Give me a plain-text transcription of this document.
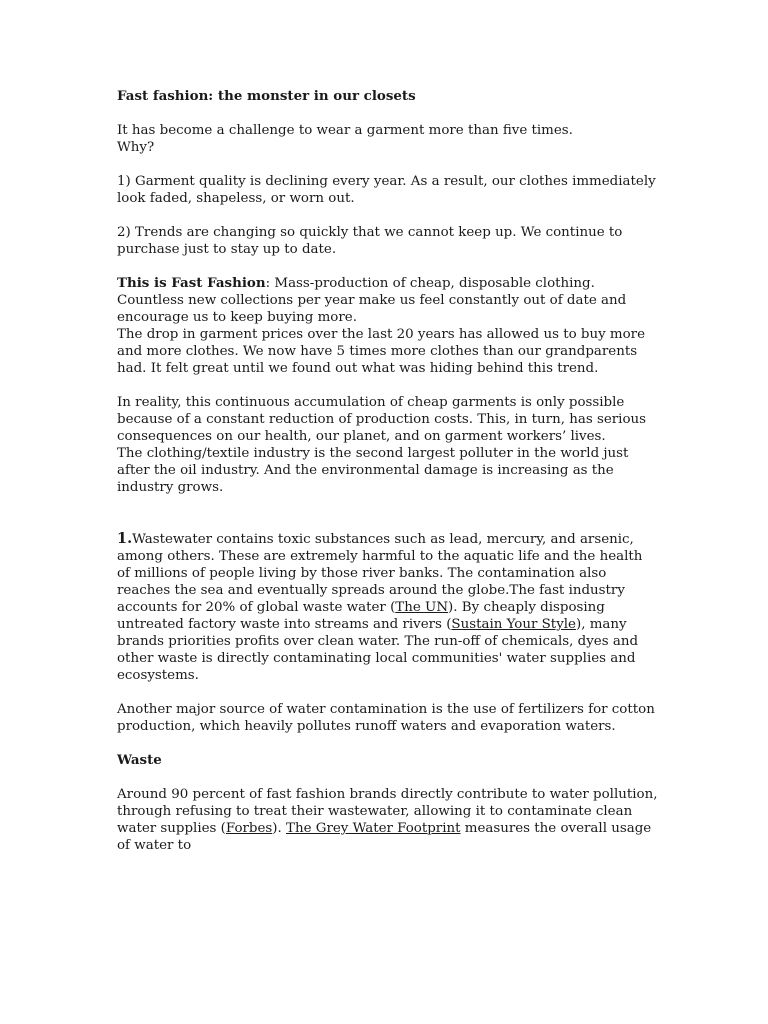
Fast fashion: the monster in our closets

It has become a challenge to wear a garment more than five times.
Why?

1) Garment quality is declining every year. As a result, our clothes immediately look faded, shapeless, or worn out.

2) Trends are changing so quickly that we cannot keep up. We continue to purchase just to stay up to date.

This is Fast Fashion: Mass-production of cheap, disposable clothing. Countless new collections per year make us feel constantly out of date and encourage us to keep buying more.

The drop in garment prices over the last 20 years has allowed us to buy more and more clothes. We now have 5 times more clothes than our grandparents had. It felt great until we found out what was hiding behind this trend.

In reality, this continuous accumulation of cheap garments is only possible because of a constant reduction of production costs. This, in turn, has serious consequences on our health, our planet, and on garment workers’ lives.

The clothing/textile industry is the second largest polluter in the world just after the oil industry. And the environmental damage is increasing as the industry grows.

1.Wastewater contains toxic substances such as lead, mercury, and arsenic, among others. These are extremely harmful to the aquatic life and the health of millions of people living by those river banks. The contamination also reaches the sea and eventually spreads around the globe.The fast industry accounts for 20% of global waste water (The UN). By cheaply disposing untreated factory waste into streams and rivers (Sustain Your Style), many brands priorities profits over clean water. The run-off of chemicals, dyes and other waste is directly contaminating local communities' water supplies and ecosystems.

Another major source of water contamination is the use of fertilizers for cotton production, which heavily pollutes runoff waters and evaporation waters.

Waste

Around 90 percent of fast fashion brands directly contribute to water pollution, through refusing to treat their wastewater, allowing it to contaminate clean water supplies (Forbes). The Grey Water Footprint measures the overall usage of water to
